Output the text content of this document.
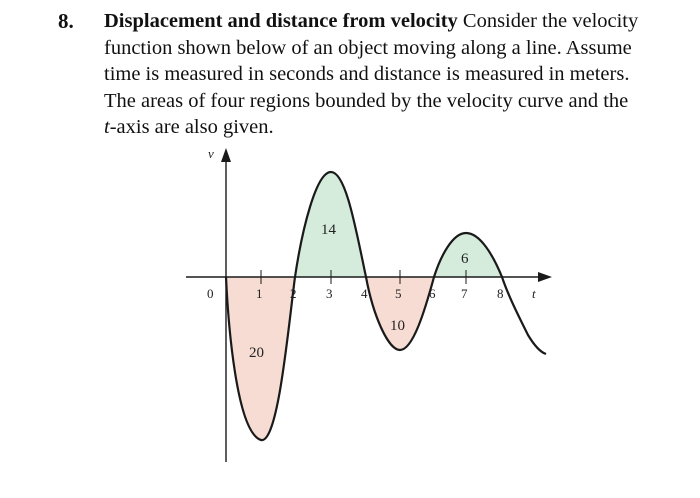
8. Displacement and distance from velocity Consider the velocity
function shown below of an object moving along a line. Assume
time is measured in seconds and distance is measured in meters.
The areas of four regions bounded by the velocity curve and the
t-axis are also given.
v
t
0	1 2 3 4 5 6 7 8
20
14
10
6
